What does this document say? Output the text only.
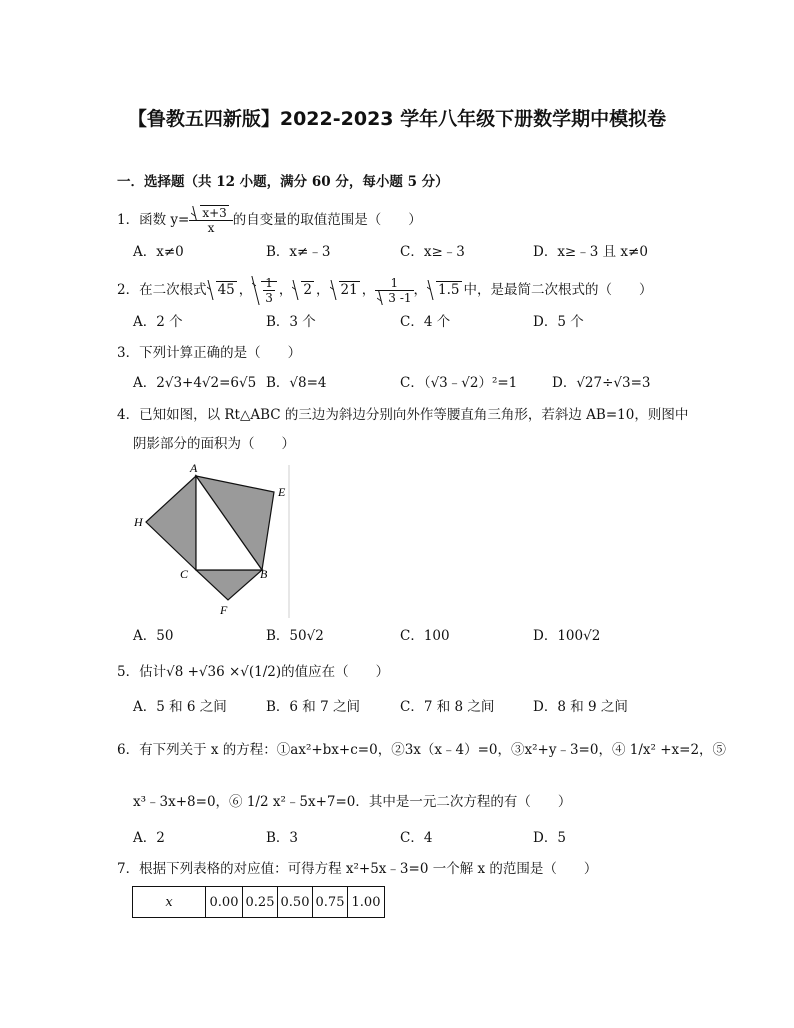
【鲁教五四新版】2022-2023 学年八年级下册数学期中模拟卷
一．选择题（共 12 小题，满分 60 分，每小题 5 分）
1．函数 $y= \frac{x+3}{x}$ 的自变量的取值范围是（　　）
A．x≠0	B．x≠﹣3	C．x≥﹣3	D．x≥﹣3 且 x≠0
2．在二次根式 45 ， $\frac{1}{3}$ ， 2 ， 21 ， $\frac{1}{3 -1}$ ， 1.5 中，是最简二次根式的（　　）
A．2 个	B．3 个	C．4 个	D．5 个
3．下列计算正确的是（　　）
A．2√3+4√2=6√5 B．√8=4	C．（√3﹣√2）²=1	D．√27÷√3=3
4．已知如图，以 Rt△ABC 的三边为斜边分别向外作等腰直角三角形，若斜边 AB=10，则图中
阴影部分的面积为（　　）
A
E
H
C	B
F
A．50	B．50√2	C．100	D．100√2
5．估计√8 +√36 ×√(1/2)的值应在（　　）
A．5 和 6 之间	B．6 和 7 之间	C．7 和 8 之间	D．8 和 9 之间
6．有下列关于 x 的方程：①ax²+bx+c=0，②3x（x﹣4）=0，③x²+y﹣3=0，④ 1/x² +x=2，⑤
x³﹣3x+8=0，⑥ 1/2 x²﹣5x+7=0．其中是一元二次方程的有（　　）
A．2	B．3	C．4	D．5
7．根据下列表格的对应值：可得方程 x²+5x﹣3=0 一个解 x 的范围是（　　）
x	0.00	0.25	0.50	0.75	1.00
